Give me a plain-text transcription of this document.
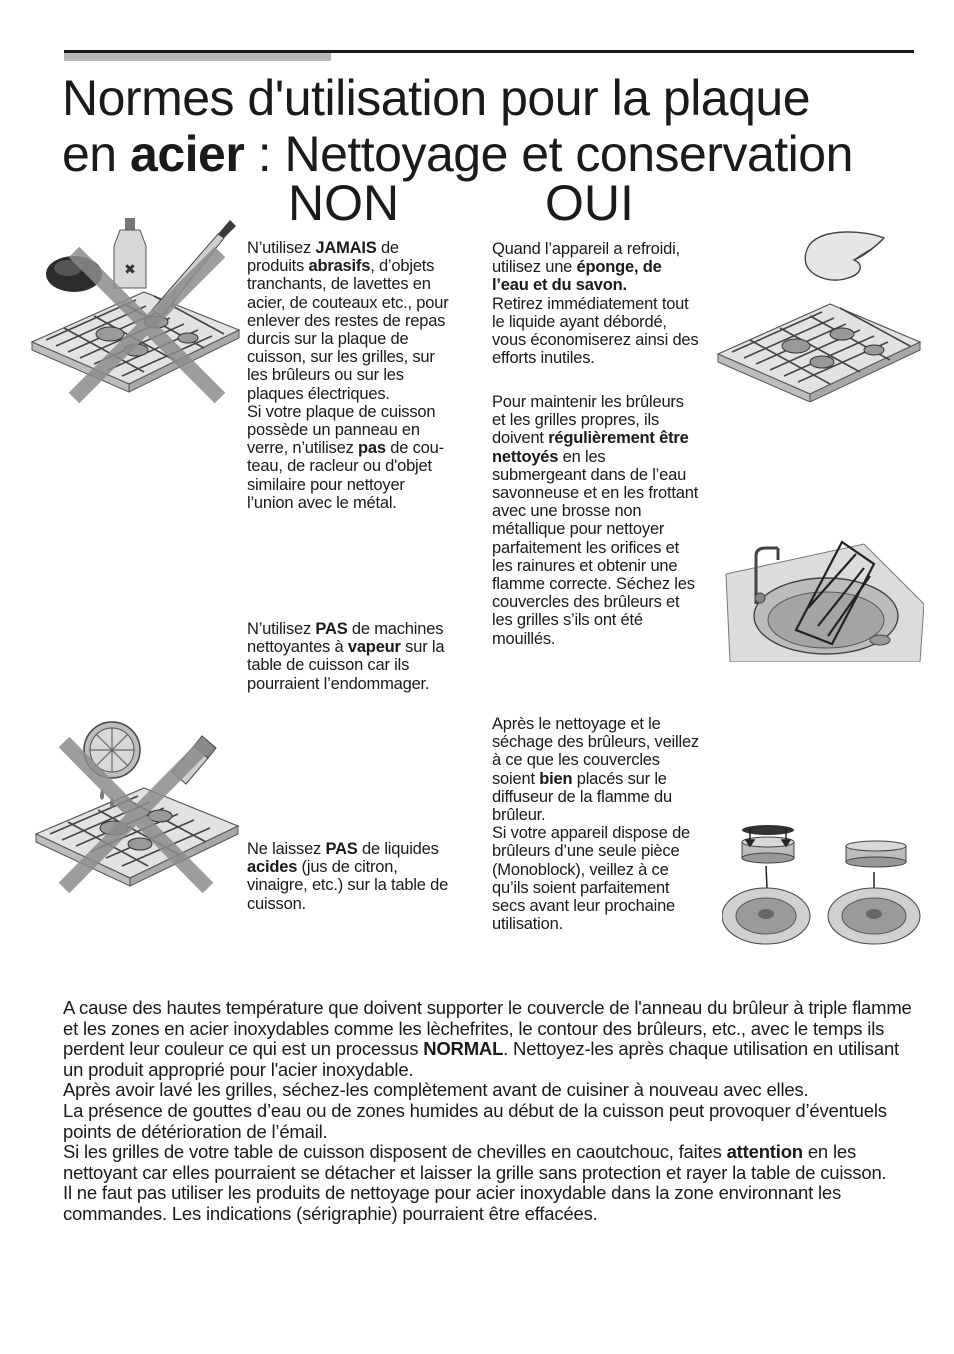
Normes d'utilisation pour la plaque
en acier : Nettoyage et conservation
NON	OUI
✖
N’utilisez JAMAIS de
produits abrasifs, d’objets
tranchants, de lavettes en
acier, de couteaux etc., pour
enlever des restes de repas
durcis sur la plaque de
cuisson, sur les grilles, sur
les brûleurs ou sur les
plaques électriques.
Si votre plaque de cuisson
possède un panneau en
verre, n’utilisez pas de cou-
teau, de racleur ou d'objet
similaire pour nettoyer
l’union avec le métal.
N’utilisez PAS de machines
nettoyantes à vapeur sur la
table de cuisson car ils
pourraient l’endommager.
Ne laissez PAS de liquides
acides (jus de citron,
vinaigre, etc.) sur la table de
cuisson.
Quand l’appareil a refroidi,
utilisez une éponge, de
l’eau et du savon.
Retirez immédiatement tout
le liquide ayant débordé,
vous économiserez ainsi des
efforts inutiles.
Pour maintenir les brûleurs
et les grilles propres, ils
doivent régulièrement être
nettoyés en les
submergeant dans de l’eau
savonneuse et en les frottant
avec une brosse non
métallique pour nettoyer
parfaitement les orifices et
les rainures et obtenir une
flamme correcte. Séchez les
couvercles des brûleurs et
les grilles s’ils ont été
mouillés.
Après le nettoyage et le
séchage des brûleurs, veillez
à ce que les couvercles
soient bien placés sur le
diffuseur de la flamme du
brûleur.
Si votre appareil dispose de
brûleurs d’une seule pièce
(Monoblock), veillez à ce
qu’ils soient parfaitement
secs avant leur prochaine
utilisation.

A cause des hautes température que doivent supporter le couvercle de l'anneau du brûleur à triple flamme et les zones en acier inoxydables comme les lèchefrites, le contour des brûleurs, etc., avec le temps ils perdent leur couleur ce qui est un processus NORMAL. Nettoyez-les après chaque utilisation en utilisant un produit approprié pour l'acier inoxydable.

Après avoir lavé les grilles, séchez-les complètement avant de cuisiner à nouveau avec elles.

La présence de gouttes d’eau ou de zones humides au début de la cuisson peut provoquer d’éventuels points de détérioration de l’émail.

Si les grilles de votre table de cuisson disposent de chevilles en caoutchouc, faites attention en les nettoyant car elles pourraient se détacher et laisser la grille sans protection et rayer la table de cuisson.

Il ne faut pas utiliser les produits de nettoyage pour acier inoxydable dans la zone environnant les commandes. Les indications (sérigraphie) pourraient être effacées.
